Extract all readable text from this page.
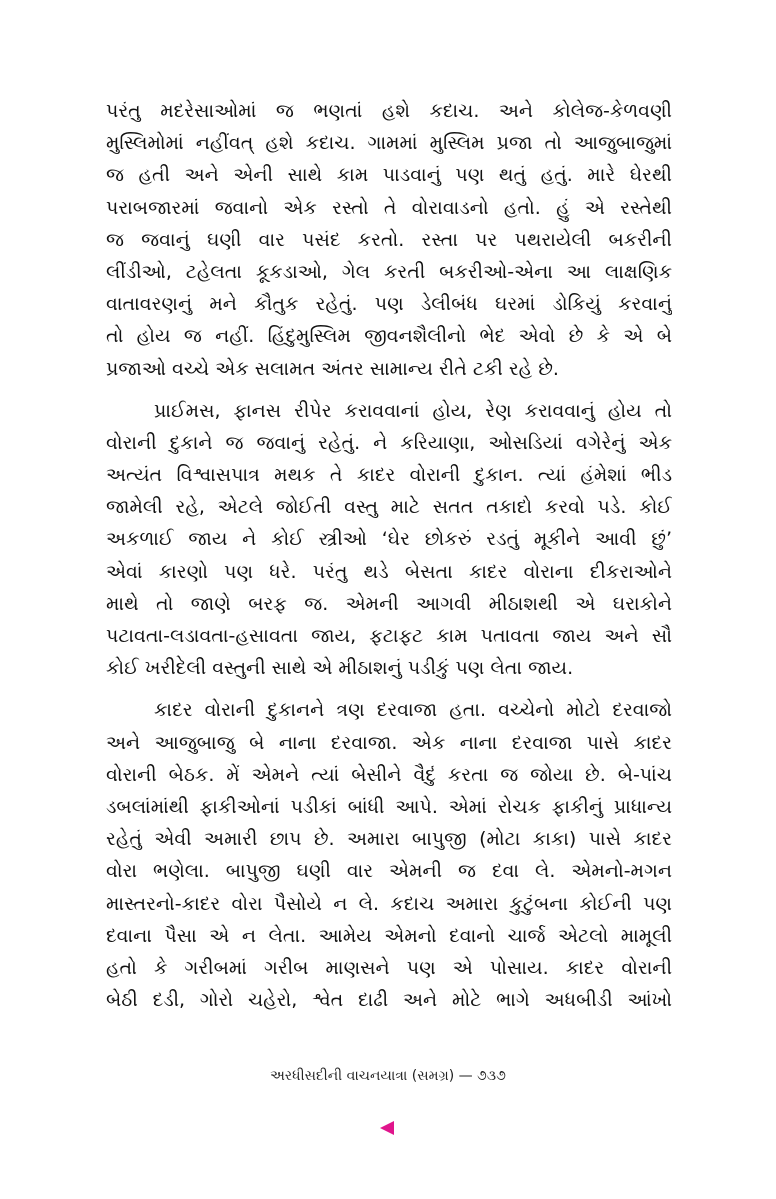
પરંતુ મદરેસાઓમાં જ ભણતાં હશે કદાચ. અને કોલેજ-કેળવણી
મુસ્લિમોમાં નહીંવત્ હશે કદાચ. ગામમાં મુસ્લિમ પ્રજા તો આજુબાજુમાં
જ હતી અને એની સાથે કામ પાડવાનું પણ થતું હતું. મારે ઘેરથી
પરાબજારમાં જવાનો એક રસ્તો તે વોરાવાડનો હતો. હું એ રસ્તેથી
જ જવાનું ઘણી વાર પસંદ કરતો. રસ્તા પર પથરાયેલી બકરીની
લીંડીઓ, ટહેલતા કૂકડાઓ, ગેલ કરતી બકરીઓ-એના આ લાક્ષણિક
વાતાવરણનું મને કૌતુક રહેતું. પણ ડેલીબંધ ઘરમાં ડોકિયું કરવાનું
તો હોય જ નહીં. હિંદુમુસ્લિમ જીવનશૈલીનો ભેદ એવો છે કે એ બે
પ્રજાઓ વચ્ચે એક સલામત અંતર સામાન્ય રીતે ટકી રહે છે.
પ્રાઈમસ, ફાનસ રીપેર કરાવવાનાં હોય, રેણ કરાવવાનું હોય તો
વોરાની દુકાને જ જવાનું રહેતું. ને કરિયાણા, ઓસડિયાં વગેરેનું એક
અત્યંત વિશ્વાસપાત્ર મથક તે કાદર વોરાની દુકાન. ત્યાં હંમેશાં ભીડ
જામેલી રહે, એટલે જોઈતી વસ્તુ માટે સતત તકાદો કરવો પડે. કોઈ
અકળાઈ જાય ને કોઈ સ્ત્રીઓ ‘ઘેર છોકરું રડતું મૂકીને આવી છું’
એવાં કારણો પણ ધરે. પરંતુ થડે બેસતા કાદર વોરાના દીકરાઓને
માથે તો જાણે બરફ જ. એમની આગવી મીઠાશથી એ ઘરાકોને
પટાવતા-લડાવતા-હસાવતા જાય, ફટાફટ કામ પતાવતા જાય અને સૌ
કોઈ ખરીદેલી વસ્તુની સાથે એ મીઠાશનું પડીકું પણ લેતા જાય.
કાદર વોરાની દુકાનને ત્રણ દરવાજા હતા. વચ્ચેનો મોટો દરવાજો
અને આજુબાજુ બે નાના દરવાજા. એક નાના દરવાજા પાસે કાદર
વોરાની બેઠક. મેં એમને ત્યાં બેસીને વૈદું કરતા જ જોયા છે. બે-પાંચ
ડબલાંમાંથી ફાકીઓનાં પડીકાં બાંધી આપે. એમાં રોચક ફાકીનું પ્રાધાન્ય
રહેતું એવી અમારી છાપ છે. અમારા બાપુજી (મોટા કાકા) પાસે કાદર
વોરા ભણેલા. બાપુજી ઘણી વાર એમની જ દવા લે. એમનો-મગન
માસ્તરનો-કાદર વોરા પૈસોયે ન લે. કદાચ અમારા કુટુંબના કોઈની પણ
દવાના પૈસા એ ન લેતા. આમેય એમનો દવાનો ચાર્જ એટલો મામૂલી
હતો કે ગરીબમાં ગરીબ માણસને પણ એ પોસાય. કાદર વોરાની
બેઠી દડી, ગોરો ચહેરો, શ્વેત દાઢી અને મોટે ભાગે અધબીડી આંખો
અરધીસદીની વાચનયાત્રા (સમગ્ર) — ૭૩૭
